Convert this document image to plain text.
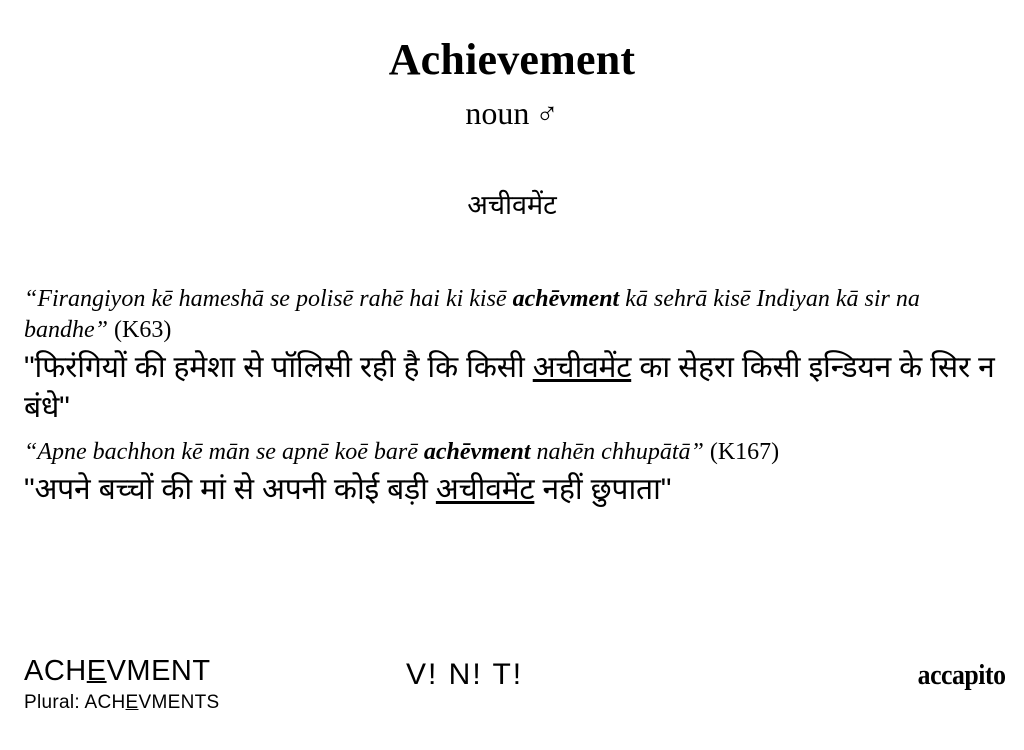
Achievement
noun ♂
अचीवमेंट

“Firangiyon kē hameshā se polisē rahē hai ki kisē achēvment kā sehrā kisē Indiyan kā sir na bandhe” (K63)

"फिरंगियों की हमेशा से पॉलिसी रही है कि किसी अचीवमेंट का सेहरा किसी इन्डियन के सिर न बंधे"

“Apne bachhon kē mān se apnē koē barē achēvment nahēn chhupātā” (K167)

"अपने बच्चों की मां से अपनी कोई बड़ी अचीवमेंट नहीं छुपाता"

ACHEVMENT
Plural: ACHEVMENTS
V! N! T!	accapito
